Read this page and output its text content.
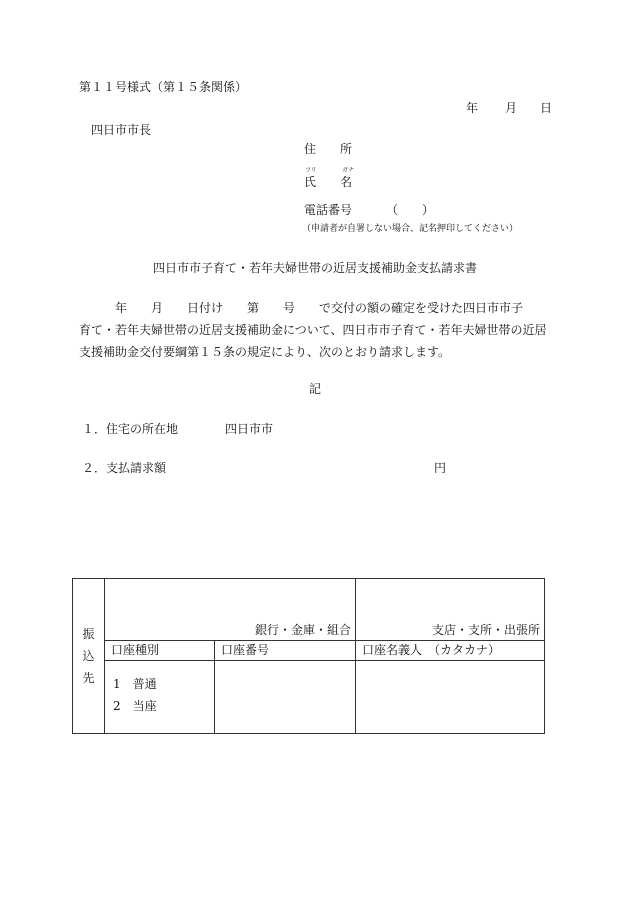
第１１号様式（第１５条関係）
年 月 日
四日市市長
住　　所
フリ	ガナ
氏　　名
電話番号	（　　）
（申請者が自署しない場合、記名押印してください）
四日市市子育て・若年夫婦世帯の近居支援補助金支払請求書
　　　年　　月　　日付け　　第　　号　　で交付の額の確定を受けた四日市市子
育て・若年夫婦世帯の近居支援補助金について、四日市市子育て・若年夫婦世帯の近居
支援補助金交付要綱第１５条の規定により、次のとおり請求します。
記
１．住宅の所在地	四日市市
２．支払請求額	円
振
込
先	銀行・金庫・組合		支店・支所・出張所
	口座種別	口座番号	口座名義人　（カタカナ）

	1　普通
2　当座		
